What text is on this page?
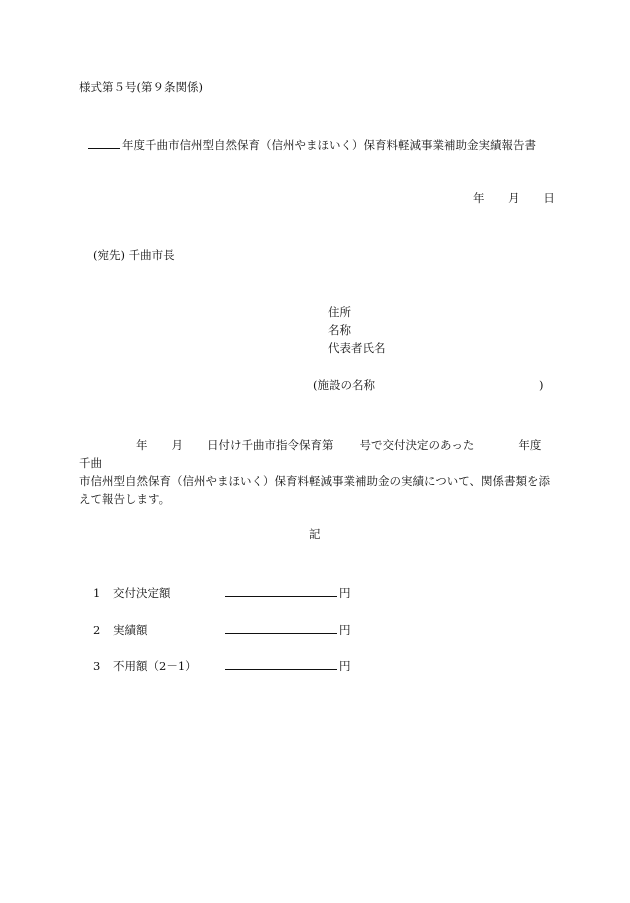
様式第５号(第９条関係)
年度千曲市信州型自然保育（信州やまほいく）保育料軽減事業補助金実績報告書
年 月 日
(宛先) 千曲市長
住所
名称
代表者氏名
(施設の名称	)
年 月 日付け千曲市指令保育第 号で交付決定のあった	年度千曲
市信州型自然保育（信州やまほいく）保育料軽減事業補助金の実績について、関係書類を添えて報告します。
記
1 交付決定額	円
2 実績額	円
3 不用額（2－1）	円
